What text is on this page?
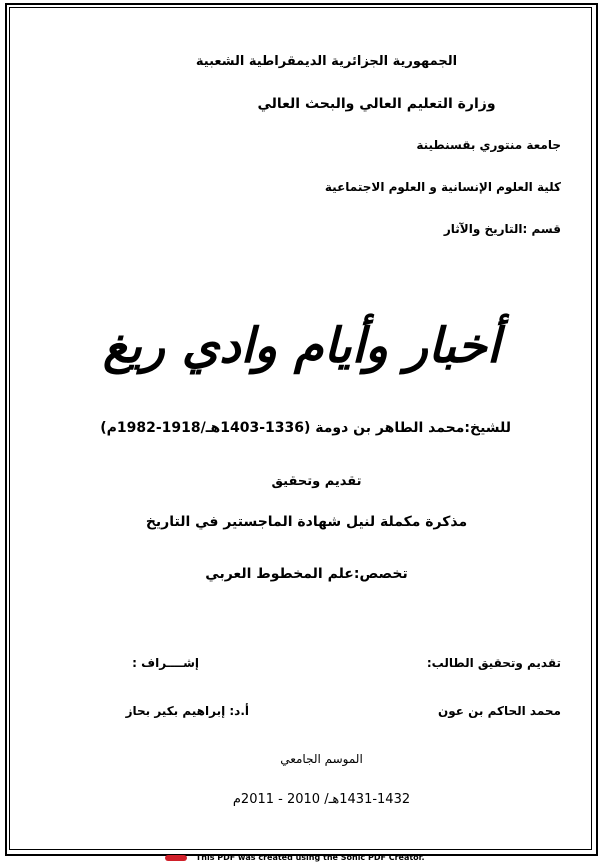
الجمهورية الجزائرية الديمقراطية الشعبية
وزارة التعليم العالي والبحث العالي
جامعة منتوري بقسنطينة
كلية العلوم الإنسانية و العلوم الاجتماعية
قسم :التاريخ والآثار
أخبار وأيام وادي ريغ
للشيخ:محمد الطاهر بن دومة (1336-1403هـ/1918-1982م)
تقديم وتحقيق
مذكرة مكملة لنيل شهادة الماجستير في التاريخ
تخصص:علم المخطوط العربي
تقديم وتحقيق الطالب:
إشــــراف :
محمد الحاكم بن عون
أ.د: إبراهيم بكير بحاز
الموسم الجامعي
1431-1432هـ/ 2010 - 2011م
This PDF was created using the Sonic PDF Creator.
